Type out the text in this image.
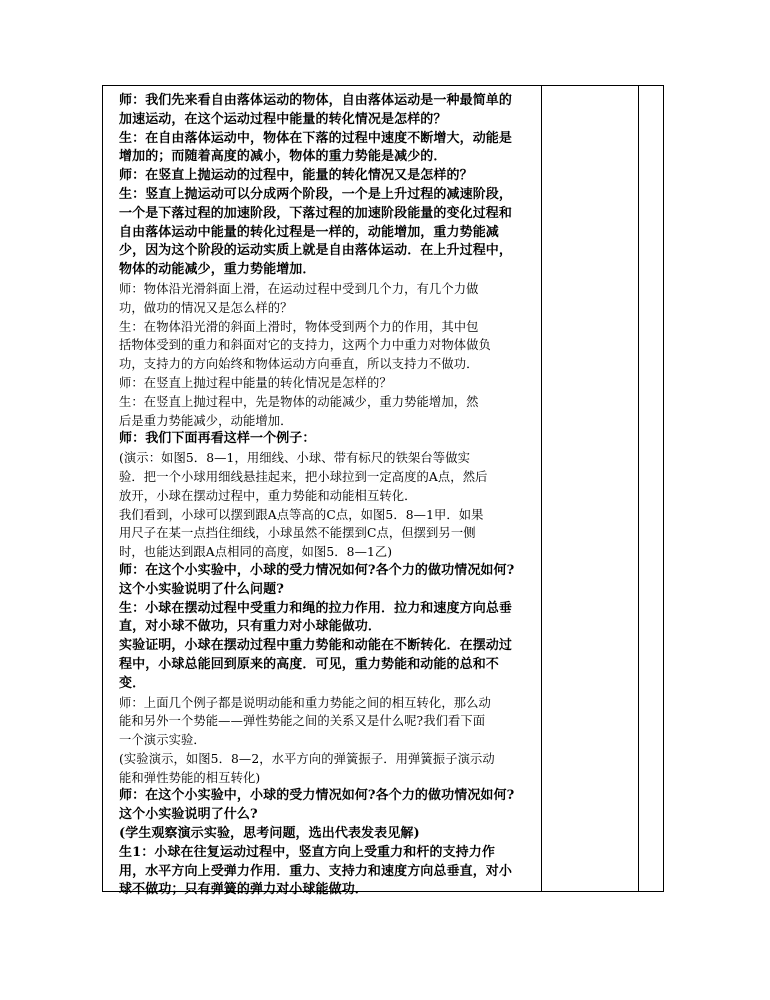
师：我们先来看自由落体运动的物体，自由落体运动是一种最简单的
加速运动，在这个运动过程中能量的转化情况是怎样的？
生：在自由落体运动中，物体在下落的过程中速度不断增大，动能是
增加的；而随着高度的减小，物体的重力势能是减少的．
师：在竖直上抛运动的过程中，能量的转化情况又是怎样的？
生：竖直上抛运动可以分成两个阶段，一个是上升过程的减速阶段，
一个是下落过程的加速阶段，下落过程的加速阶段能量的变化过程和
自由落体运动中能量的转化过程是一样的，动能增加，重力势能减
少，因为这个阶段的运动实质上就是自由落体运动．在上升过程中，
物体的动能减少，重力势能增加．
师：物体沿光滑斜面上滑，在运动过程中受到几个力，有几个力做
功，做功的情况又是怎么样的？
生：在物体沿光滑的斜面上滑时，物体受到两个力的作用，其中包
括物体受到的重力和斜面对它的支持力，这两个力中重力对物体做负
功，支持力的方向始终和物体运动方向垂直，所以支持力不做功．
师：在竖直上抛过程中能量的转化情况是怎样的？
生：在竖直上抛过程中，先是物体的动能减少，重力势能增加，然
后是重力势能减少，动能增加．
师：我们下面再看这样一个例子：
(演示：如图5．8—1，用细线、小球、带有标尺的铁架台等做实
验．把一个小球用细线悬挂起来，把小球拉到一定高度的A点，然后
放开，小球在摆动过程中，重力势能和动能相互转化．
我们看到，小球可以摆到跟A点等高的C点，如图5．8—1甲．如果
用尺子在某一点挡住细线，小球虽然不能摆到C点，但摆到另一侧
时，也能达到跟A点相同的高度，如图5．8—1乙)
师：在这个小实验中，小球的受力情况如何?各个力的做功情况如何?
这个小实验说明了什么问题?
生：小球在摆动过程中受重力和绳的拉力作用．拉力和速度方向总垂
直，对小球不做功，只有重力对小球能做功．
实验证明，小球在摆动过程中重力势能和动能在不断转化．在摆动过
程中，小球总能回到原来的高度．可见，重力势能和动能的总和不
变．
师：上面几个例子都是说明动能和重力势能之间的相互转化，那么动
能和另外一个势能——弹性势能之间的关系又是什么呢?我们看下面
一个演示实验．
(实验演示，如图5．8—2，水平方向的弹簧振子．用弹簧振子演示动
能和弹性势能的相互转化)
师：在这个小实验中，小球的受力情况如何?各个力的做功情况如何?
这个小实验说明了什么?
(学生观察演示实验，思考问题，选出代表发表见解)
生1：小球在往复运动过程中，竖直方向上受重力和杆的支持力作
用，水平方向上受弹力作用．重力、支持力和速度方向总垂直，对小
球不做功；只有弹簧的弹力对小球能做功．
